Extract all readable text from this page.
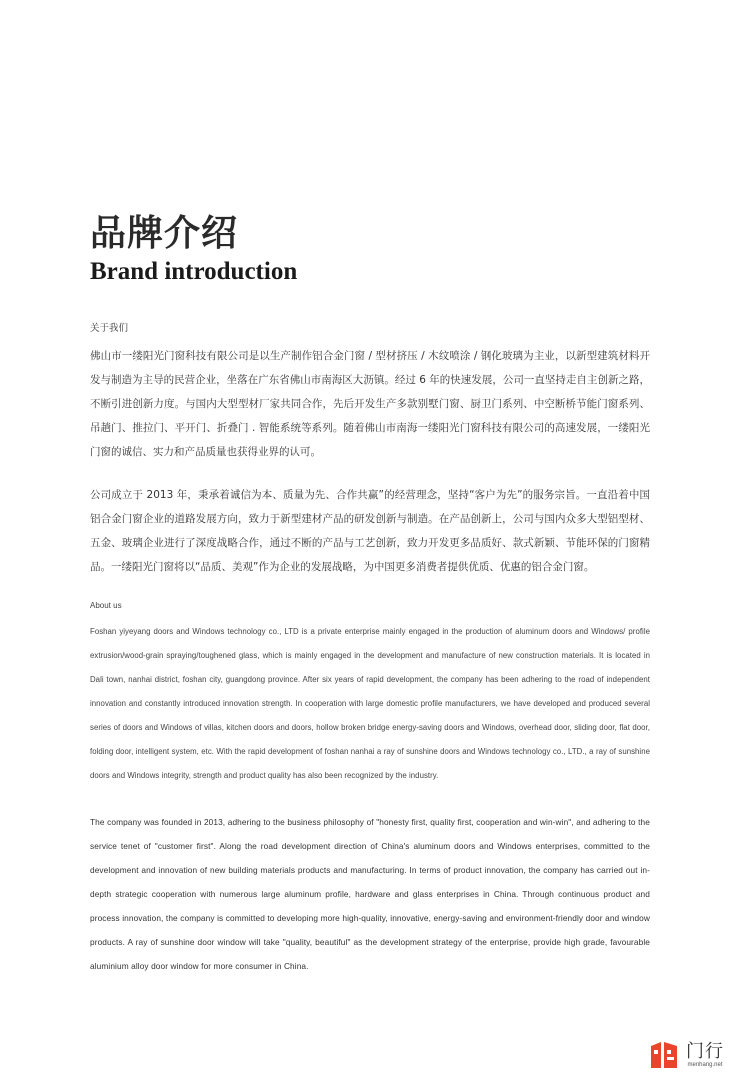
品牌介绍
Brand introduction

关于我们

佛山市一缕阳光门窗科技有限公司是以生产制作铝合金门窗 / 型材挤压 / 木纹喷涂 / 钢化玻璃为主业，以新型建筑材料开发与制造为主导的民营企业，坐落在广东省佛山市南海区大沥镇。经过 6 年的快速发展，公司一直坚持走自主创新之路，不断引进创新力度。与国内大型型材厂家共同合作，先后开发生产多款别墅门窗、厨卫门系列、中空断桥节能门窗系列、吊趟门、推拉门、平开门、折叠门 . 智能系统等系列。随着佛山市南海一缕阳光门窗科技有限公司的高速发展，一缕阳光门窗的诚信、实力和产品质量也获得业界的认可。

公司成立于 2013 年，秉承着诚信为本、质量为先、合作共赢”的经营理念，坚持“客户为先”的服务宗旨。一直沿着中国铝合金门窗企业的道路发展方向，致力于新型建材产品的研发创新与制造。在产品创新上，公司与国内众多大型铝型材、五金、玻璃企业进行了深度战略合作，通过不断的产品与工艺创新，致力开发更多品质好、款式新颖、节能环保的门窗精品。一缕阳光门窗将以“品质、美观”作为企业的发展战略，为中国更多消费者提供优质、优惠的铝合金门窗。

About us

Foshan yiyeyang doors and Windows technology co., LTD is a private enterprise mainly engaged in the production of aluminum doors and Windows/ profile extrusion/wood-grain spraying/toughened glass, which is mainly engaged in the development and manufacture of new construction materials. It is located in Dali town, nanhai district, foshan city, guangdong province. After six years of rapid development, the company has been adhering to the road of independent innovation and constantly introduced innovation strength. In cooperation with large domestic profile manufacturers, we have developed and produced several series of doors and Windows of villas, kitchen doors and doors, hollow broken bridge energy-saving doors and Windows, overhead door, sliding door, flat door, folding door, intelligent system, etc. With the rapid development of foshan nanhai a ray of sunshine doors and Windows technology co., LTD., a ray of sunshine doors and Windows integrity, strength and product quality has also been recognized by the industry.

The company was founded in 2013, adhering to the business philosophy of "honesty first, quality first, cooperation and win-win", and adhering to the service tenet of "customer first". Along the road development direction of China's aluminum doors and Windows enterprises, committed to the development and innovation of new building materials products and manufacturing. In terms of product innovation, the company has carried out in-depth strategic cooperation with numerous large aluminum profile, hardware and glass enterprises in China. Through continuous product and process innovation, the company is committed to developing more high-quality, innovative, energy-saving and environment-friendly door and window products. A ray of sunshine door window will take "quality, beautiful" as the development strategy of the enterprise, provide high grade, favourable aluminium alloy door window for more consumer in China.

门行
menhang.net
